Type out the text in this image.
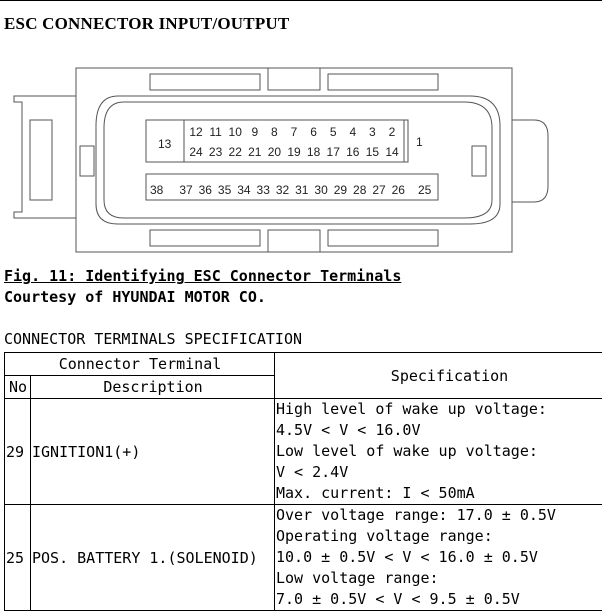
ESC CONNECTOR INPUT/OUTPUT
13	1
38	25
12 11 10 9 8 7 6 5 4 3 2
24 23 22 21 20 19 18 17 16 15 14
37 36 35 34 33 32 31 30 29 28 27 26
Fig. 11: Identifying ESC Connector Terminals
Courtesy of HYUNDAI MOTOR CO.
CONNECTOR TERMINALS SPECIFICATION
Connector Terminal		Specification
No	Description	
29	IGNITION1(+)	High level of wake up voltage:
4.5V < V < 16.0V
Low level of wake up voltage:
V < 2.4V
Max. current: I < 50mA

25	POS. BATTERY 1.(SOLENOID)	Over voltage range: 17.0 ± 0.5V
Operating voltage range:
10.0 ± 0.5V < V < 16.0 ± 0.5V
Low voltage range:
7.0 ± 0.5V < V < 9.5 ± 0.5V
